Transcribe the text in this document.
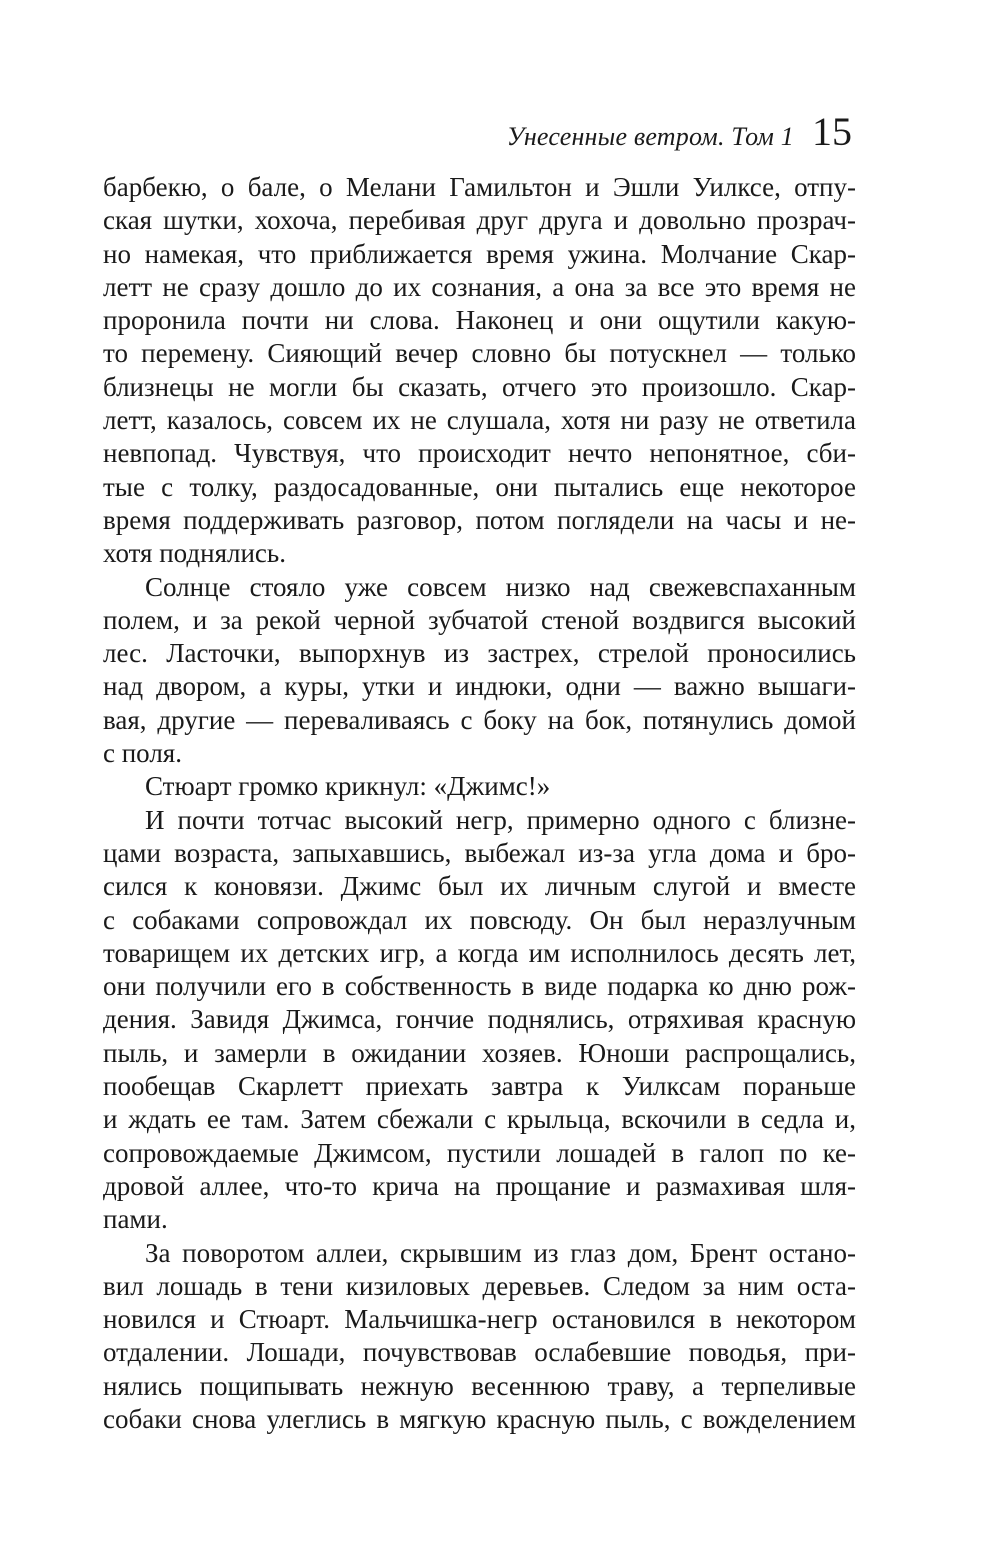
Унесенные ветром. Том 1 15
барбекю, о бале, о Мелани Гамильтон и Эшли Уилксе, отпу-
ская шутки, хохоча, перебивая друг друга и довольно прозрач-
но намекая, что приближается время ужина. Молчание Скар-
летт не сразу дошло до их сознания, а она за все это время не
проронила почти ни слова. Наконец и они ощутили какую-
то перемену. Сияющий вечер словно бы потускнел — только
близнецы не могли бы сказать, отчего это произошло. Скар-
летт, казалось, совсем их не слушала, хотя ни разу не ответила
невпопад. Чувствуя, что происходит нечто непонятное, сби-
тые с толку, раздосадованные, они пытались еще некоторое
время поддерживать разговор, потом поглядели на часы и не-
хотя поднялись.
Солнце стояло уже совсем низко над свежевспаханным
полем, и за рекой черной зубчатой стеной воздвигся высокий
лес. Ласточки, выпорхнув из застрех, стрелой проносились
над двором, а куры, утки и индюки, одни — важно вышаги-
вая, другие — переваливаясь с боку на бок, потянулись домой
с поля.
Стюарт громко крикнул: «Джимс!»
И почти тотчас высокий негр, примерно одного с близне-
цами возраста, запыхавшись, выбежал из-за угла дома и бро-
сился к коновязи. Джимс был их личным слугой и вместе
с собаками сопровождал их повсюду. Он был неразлучным
товарищем их детских игр, а когда им исполнилось десять лет,
они получили его в собственность в виде подарка ко дню рож-
дения. Завидя Джимса, гончие поднялись, отряхивая красную
пыль, и замерли в ожидании хозяев. Юноши распрощались,
пообещав Скарлетт приехать завтра к Уилксам пораньше
и ждать ее там. Затем сбежали с крыльца, вскочили в седла и,
сопровождаемые Джимсом, пустили лошадей в галоп по ке-
дровой аллее, что-то крича на прощание и размахивая шля-
пами.
За поворотом аллеи, скрывшим из глаз дом, Брент остано-
вил лошадь в тени кизиловых деревьев. Следом за ним оста-
новился и Стюарт. Мальчишка-негр остановился в некотором
отдалении. Лошади, почувствовав ослабевшие поводья, при-
нялись пощипывать нежную весеннюю траву, а терпеливые
собаки снова улеглись в мягкую красную пыль, с вожделением
